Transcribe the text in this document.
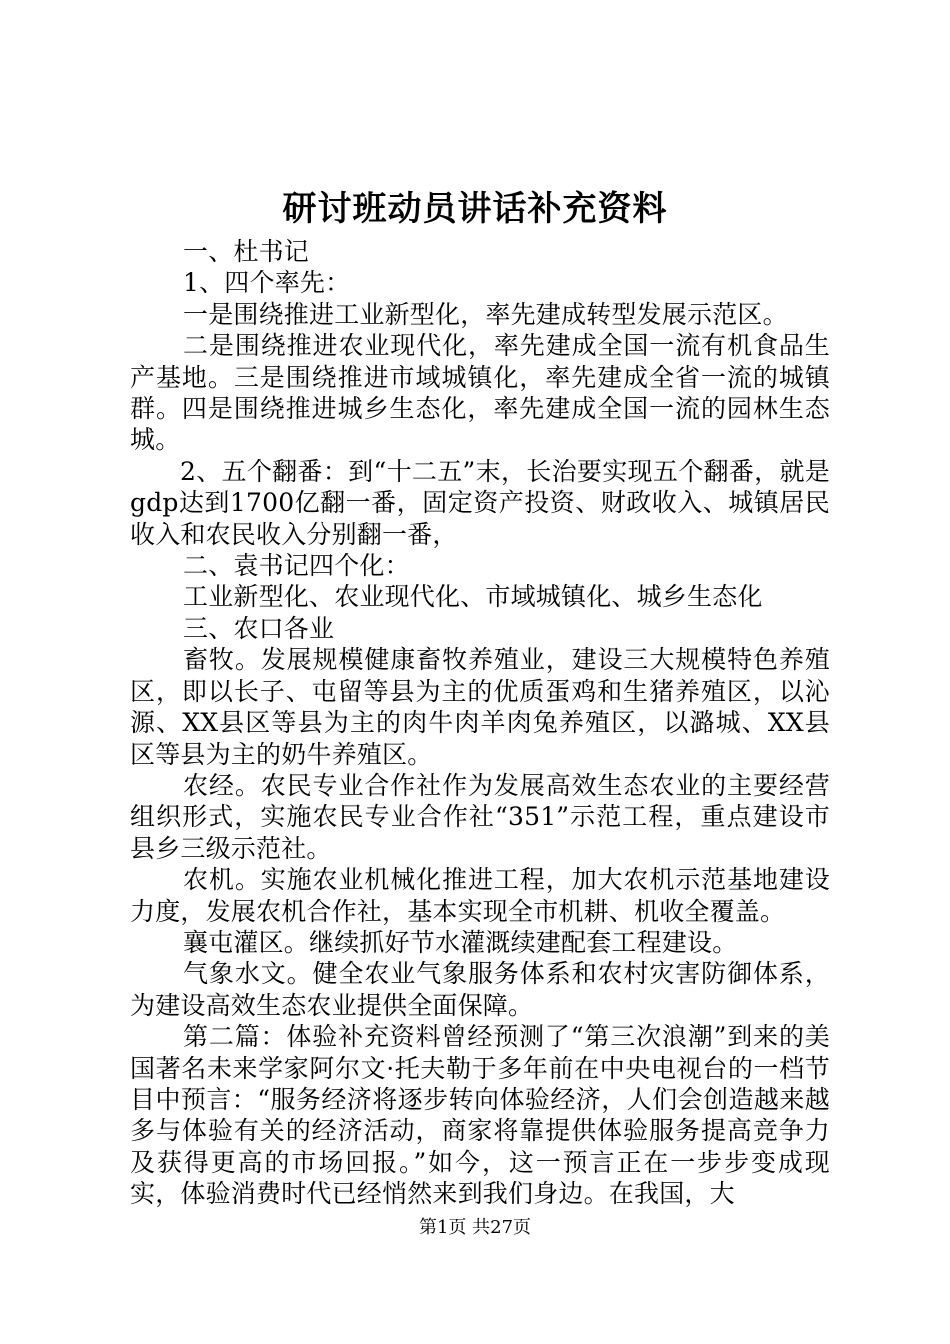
研讨班动员讲话补充资料

一、杜书记

1、四个率先：

一是围绕推进工业新型化，率先建成转型发展示范区。

二是围绕推进农业现代化，率先建成全国一流有机食品生产基地。三是围绕推进市域城镇化，率先建成全省一流的城镇群。四是围绕推进城乡生态化，率先建成全国一流的园林生态城。

2、五个翻番：到“十二五”末，长治要实现五个翻番，就是gdp达到1700亿翻一番，固定资产投资、财政收入、城镇居民收入和农民收入分别翻一番，

二、袁书记四个化：

工业新型化、农业现代化、市域城镇化、城乡生态化

三、农口各业

畜牧。发展规模健康畜牧养殖业，建设三大规模特色养殖区，即以长子、屯留等县为主的优质蛋鸡和生猪养殖区，以沁源、XX县区等县为主的肉牛肉羊肉兔养殖区，以潞城、XX县区等县为主的奶牛养殖区。

农经。农民专业合作社作为发展高效生态农业的主要经营组织形式，实施农民专业合作社“351”示范工程，重点建设市县乡三级示范社。

农机。实施农业机械化推进工程，加大农机示范基地建设力度，发展农机合作社，基本实现全市机耕、机收全覆盖。

襄屯灌区。继续抓好节水灌溉续建配套工程建设。

气象水文。健全农业气象服务体系和农村灾害防御体系，为建设高效生态农业提供全面保障。

第二篇：体验补充资料曾经预测了“第三次浪潮”到来的美国著名未来学家阿尔文·托夫勒于多年前在中央电视台的一档节目中预言：“服务经济将逐步转向体验经济，人们会创造越来越多与体验有关的经济活动，商家将靠提供体验服务提高竞争力及获得更高的市场回报。”如今，这一预言正在一步步变成现实，体验消费时代已经悄然来到我们身边。在我国，大

第1页 共27页
